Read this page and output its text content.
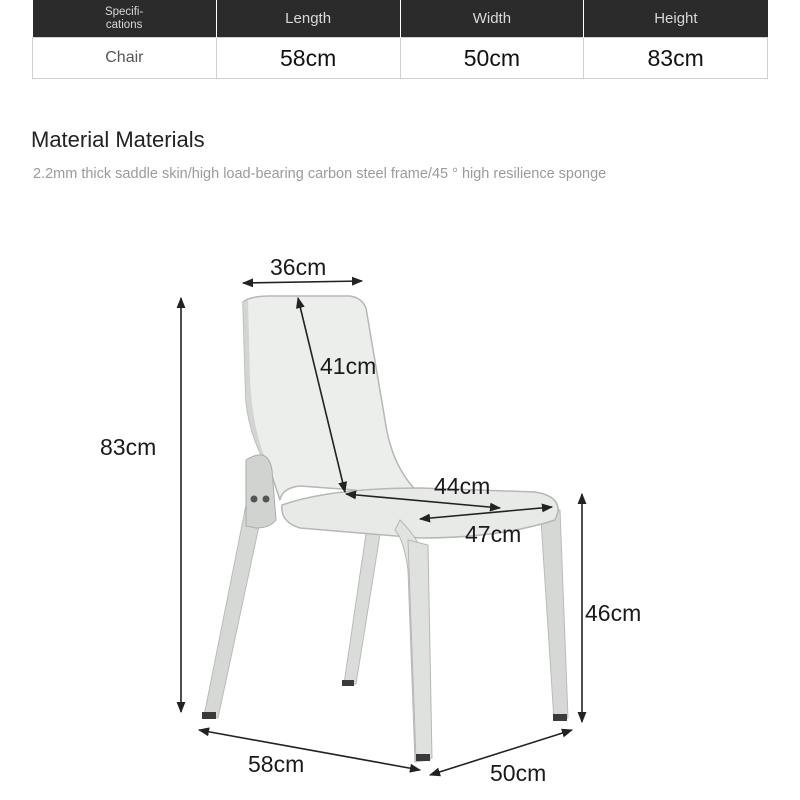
Specifi-
cations	Length	Width	Height
Chair	58cm	50cm	83cm
Material Materials

2.2mm thick saddle skin/high load-bearing carbon steel frame/45 ° high resilience sponge

36cm
41cm
83cm
44cm
47cm
46cm
58cm	50cm
